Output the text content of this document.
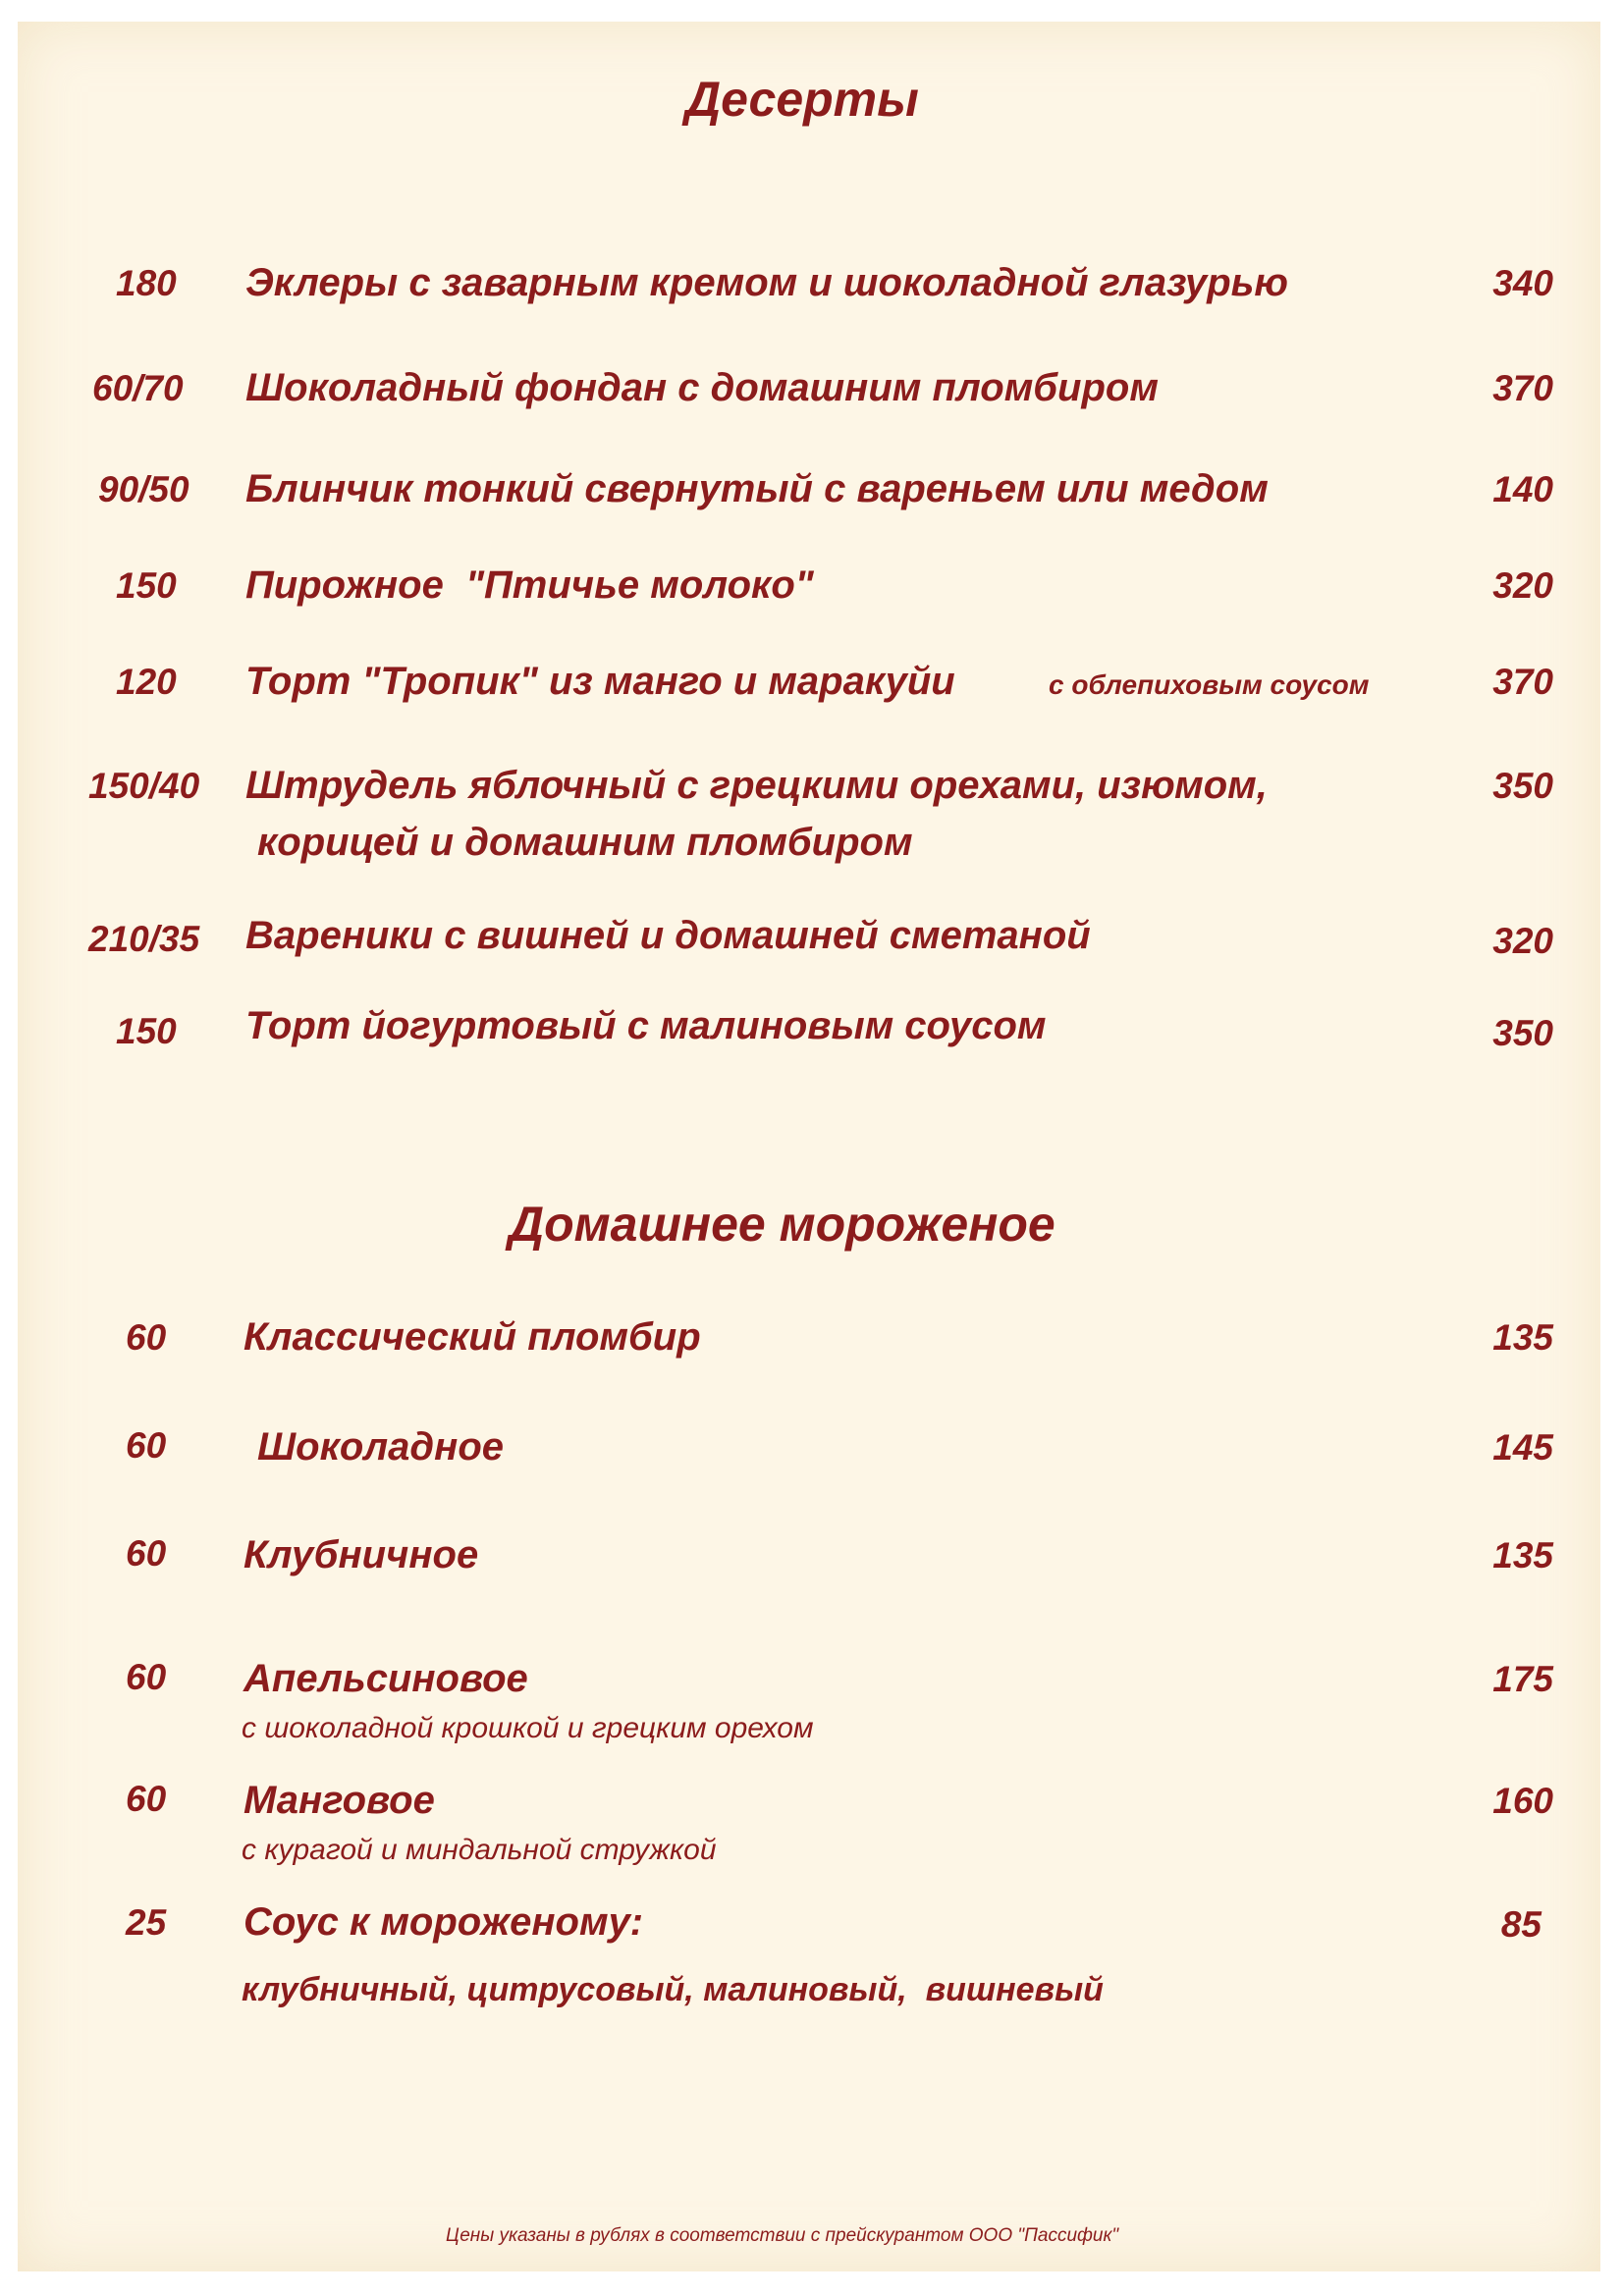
Десерты
180 Эклеры с заварным кремом и шоколадной глазурью	340
60/70 Шоколадный фондан с домашним пломбиром	370
90/50 Блинчик тонкий свернутый с вареньем или медом	140
150 Пирожное  "Птичье молоко"	320
120 Торт "Тропик" из манго и маракуйи	с облепиховым соусом	370
150/40 Штрудель яблочный с грецкими орехами, изюмом,
корицей и домашним пломбиром
350
210/35 Вареники с вишней и домашней сметаной	320
150 Торт йогуртовый с малиновым соусом	350
Домашнее мороженое
60 Классический пломбир	135
60 Шоколадное	145
60 Клубничное	135
60 Апельсиновое
с шоколадной крошкой и грецким орехом
175
60 Манговое
с курагой и миндальной стружкой
160
25 Соус к мороженому:
клубничный, цитрусовый, малиновый,  вишневый
85
Цены указаны в рублях в соответствии с прейскурантом ООО "Пассифик"
